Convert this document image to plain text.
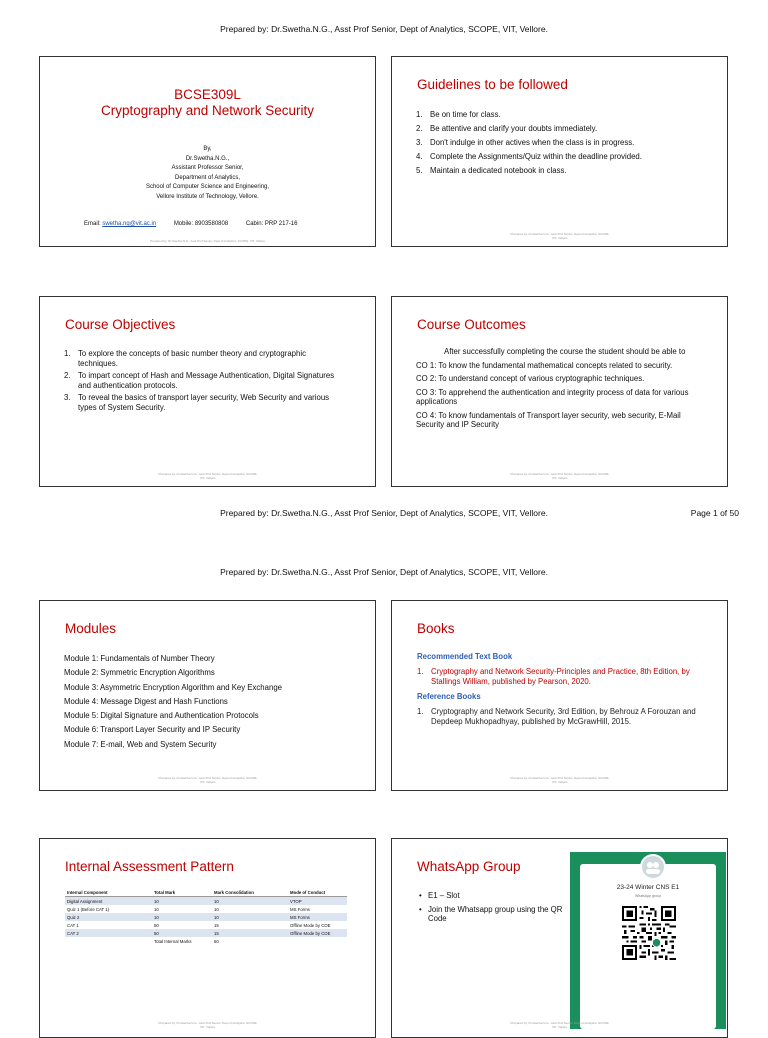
Prepared by: Dr.Swetha.N.G., Asst Prof Senior, Dept of Analytics, SCOPE, VIT, Vellore.
Prepared by: Dr.Swetha.N.G., Asst Prof Senior, Dept of Analytics, SCOPE, VIT, Vellore.	Page 1 of 50
Prepared by: Dr.Swetha.N.G., Asst Prof Senior, Dept of Analytics, SCOPE, VIT, Vellore.
BCSE309L
Cryptography and Network Security
By,
Dr.Swetha.N.G.,
Assistant Professor Senior,
Department of Analytics,
School of Computer Science and Engineering,
Vellore Institute of Technology, Vellore.
Email: swetha.ng@vit.ac.in	Mobile: 8903580808	Cabin: PRP 217-16
Prepared by: Dr.Swetha.N.G., Asst Prof Senior, Dept of Analytics, SCOPE, VIT, Vellore.
Guidelines to be followed
1. Be on time for class.
2. Be attentive and clarify your doubts immediately.
3. Don't indulge in other actives when the class is in progress.
4. Complete the Assignments/Quiz within the deadline provided.
5. Maintain a dedicated notebook in class.
Prepared by: Dr.Swetha.N.G., Asst Prof Senior, Dept of Analytics, SCOPE, VIT, Vellore.
Course Objectives
1. To explore the concepts of basic number theory and cryptographic techniques.
2. To impart concept of Hash and Message Authentication, Digital Signatures and authentication protocols.
3. To reveal the basics of transport layer security, Web Security and various types of System Security.
Prepared by: Dr.Swetha.N.G., Asst Prof Senior, Dept of Analytics, SCOPE, VIT, Vellore.
Course Outcomes

After successfully completing the course the student should be able to

CO 1: To know the fundamental mathematical concepts related to security.

CO 2: To understand concept of various cryptographic techniques.

CO 3: To apprehend the authentication and integrity process of data for various applications

CO 4: To know fundamentals of Transport layer security, web security, E-Mail Security and IP Security

Prepared by: Dr.Swetha.N.G., Asst Prof Senior, Dept of Analytics, SCOPE, VIT, Vellore.
Modules
Module 1: Fundamentals of Number Theory
Module 2: Symmetric Encryption Algorithms
Module 3: Asymmetric Encryption Algorithm and Key Exchange
Module 4: Message Digest and Hash Functions
Module 5: Digital Signature and Authentication Protocols
Module 6: Transport Layer Security and IP Security
Module 7: E-mail, Web and System Security
Prepared by: Dr.Swetha.N.G., Asst Prof Senior, Dept of Analytics, SCOPE, VIT, Vellore.
Books
Recommended Text Book
1. Cryptography and Network Security-Principles and Practice, 8th Edition, by Stallings William, published by Pearson, 2020.
Reference Books
1. Cryptography and Network Security, 3rd Edition, by Behrouz A Forouzan and Depdeep Mukhopadhyay, published by McGrawHill, 2015.
Prepared by: Dr.Swetha.N.G., Asst Prof Senior, Dept of Analytics, SCOPE, VIT, Vellore.
Internal Assessment Pattern
Internal Component	Total Mark	Mark Consolidation	Mode of Conduct
Digital Assignment	10	10	VTOP
Quiz 1 (Before CAT 1)	10	10	MS Forms
Quiz 2	10	10	MS Forms
CAT 1	50	15	Offline Mode by COE
CAT 2	50	15	Offline Mode by COE
	Total Internal Marks	60	
Prepared by: Dr.Swetha.N.G., Asst Prof Senior, Dept of Analytics, SCOPE, VIT, Vellore.
WhatsApp Group
• E1 – Slot
• Join the Whatsapp group using the QR Code
23-24 Winter CNS E1
WhatsApp group
Prepared by: Dr.Swetha.N.G., Asst Prof Senior, Dept of Analytics, SCOPE, VIT, Vellore.
